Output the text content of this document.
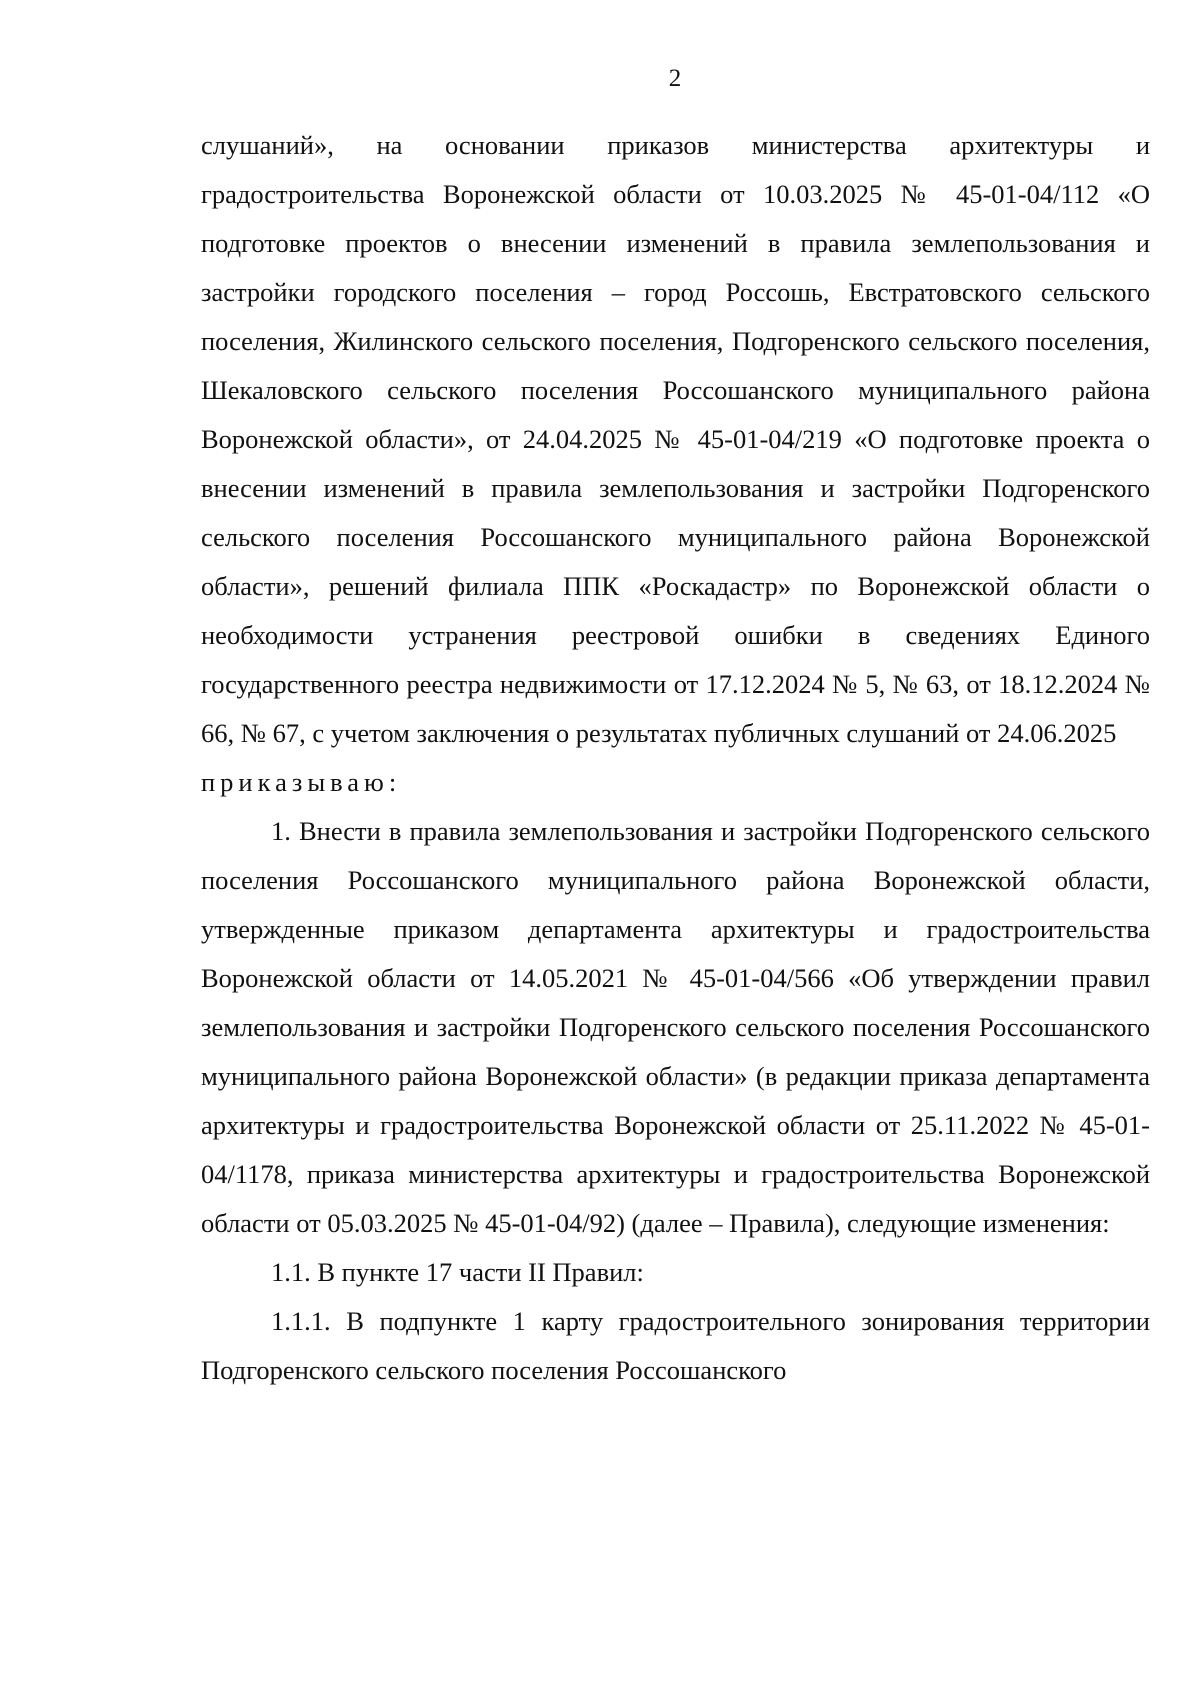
2

слушаний», на основании приказов министерства архитектуры и градостроительства Воронежской области от 10.03.2025 № 45-01-04/112 «О подготовке проектов о внесении изменений в правила землепользования и застройки городского поселения – город Россошь, Евстратовского сельского поселения, Жилинского сельского поселения, Подгоренского сельского поселения, Шекаловского сельского поселения Россошанского муниципального района Воронежской области», от 24.04.2025 № 45-01-04/219 «О подготовке проекта о внесении изменений в правила землепользования и застройки Подгоренского сельского поселения Россошанского муниципального района Воронежской области», решений филиала ППК «Роскадастр» по Воронежской области о необходимости устранения реестровой ошибки в сведениях Единого государственного реестра недвижимости от 17.12.2024 № 5, № 63, от 18.12.2024 № 66, № 67, с учетом заключения о результатах публичных слушаний от 24.06.2025

приказываю:

1. Внести в правила землепользования и застройки Подгоренского сельского поселения Россошанского муниципального района Воронежской области, утвержденные приказом департамента архитектуры и градостроительства Воронежской области от 14.05.2021 № 45-01-04/566 «Об утверждении правил землепользования и застройки Подгоренского сельского поселения Россошанского муниципального района Воронежской области» (в редакции приказа департамента архитектуры и градостроительства Воронежской области от 25.11.2022 № 45-01-04/1178, приказа министерства архитектуры и градостроительства Воронежской области от 05.03.2025 № 45-01-04/92) (далее – Правила), следующие изменения:

1.1. В пункте 17 части II Правил:

1.1.1. В подпункте 1 карту градостроительного зонирования территории Подгоренского сельского поселения Россошанского
